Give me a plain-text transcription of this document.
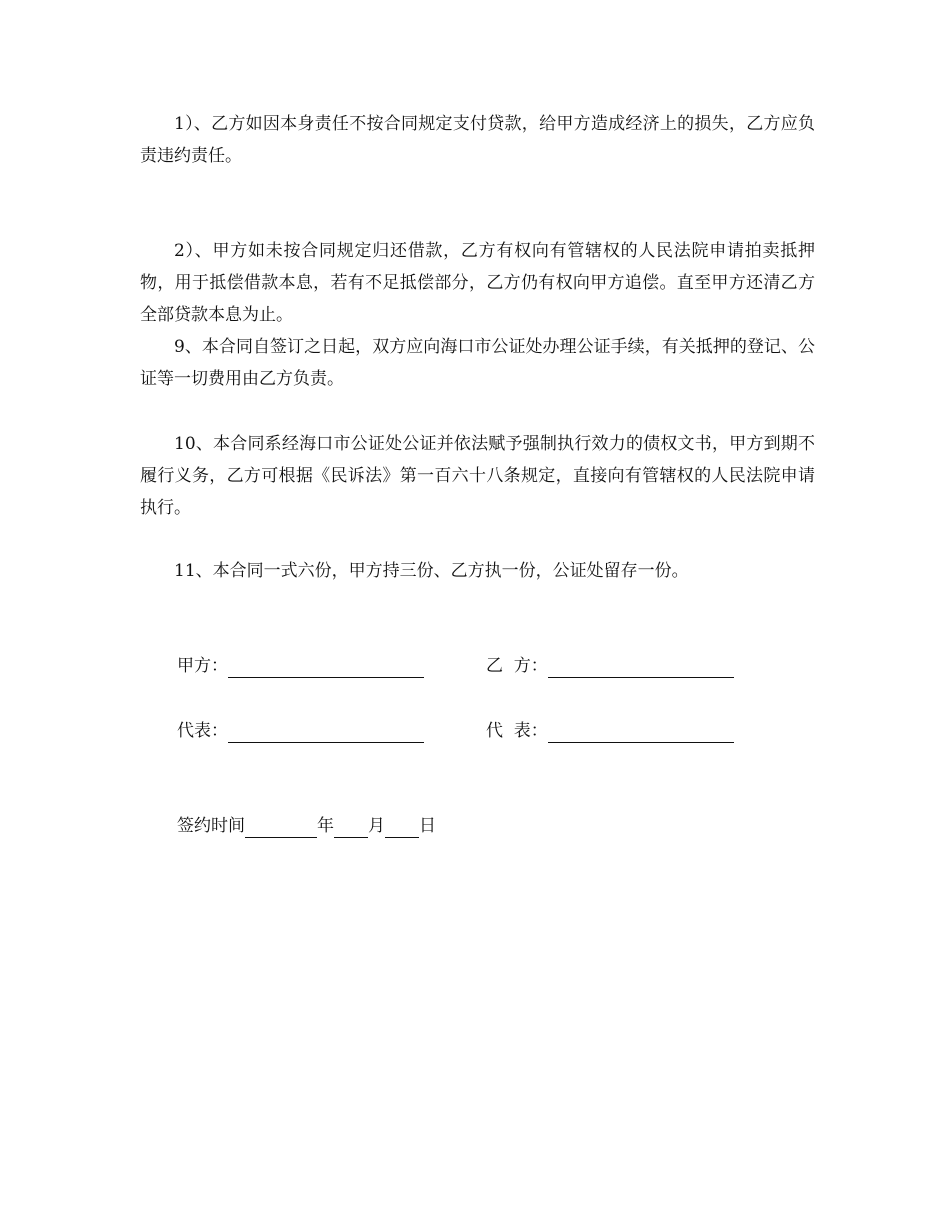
1）、乙方如因本身责任不按合同规定支付贷款，给甲方造成经济上的损失，乙方应负责违约责任。

2）、甲方如未按合同规定归还借款，乙方有权向有管辖权的人民法院申请拍卖抵押物，用于抵偿借款本息，若有不足抵偿部分，乙方仍有权向甲方追偿。直至甲方还清乙方全部贷款本息为止。

9、本合同自签订之日起，双方应向海口市公证处办理公证手续，有关抵押的登记、公证等一切费用由乙方负责。

10、本合同系经海口市公证处公证并依法赋予强制执行效力的债权文书，甲方到期不履行义务，乙方可根据《民诉法》第一百六十八条规定，直接向有管辖权的人民法院申请执行。

11、本合同一式六份，甲方持三份、乙方执一份，公证处留存一份。

甲方：	乙  方：
代表：	代  表：
签约时间	年 月 日
